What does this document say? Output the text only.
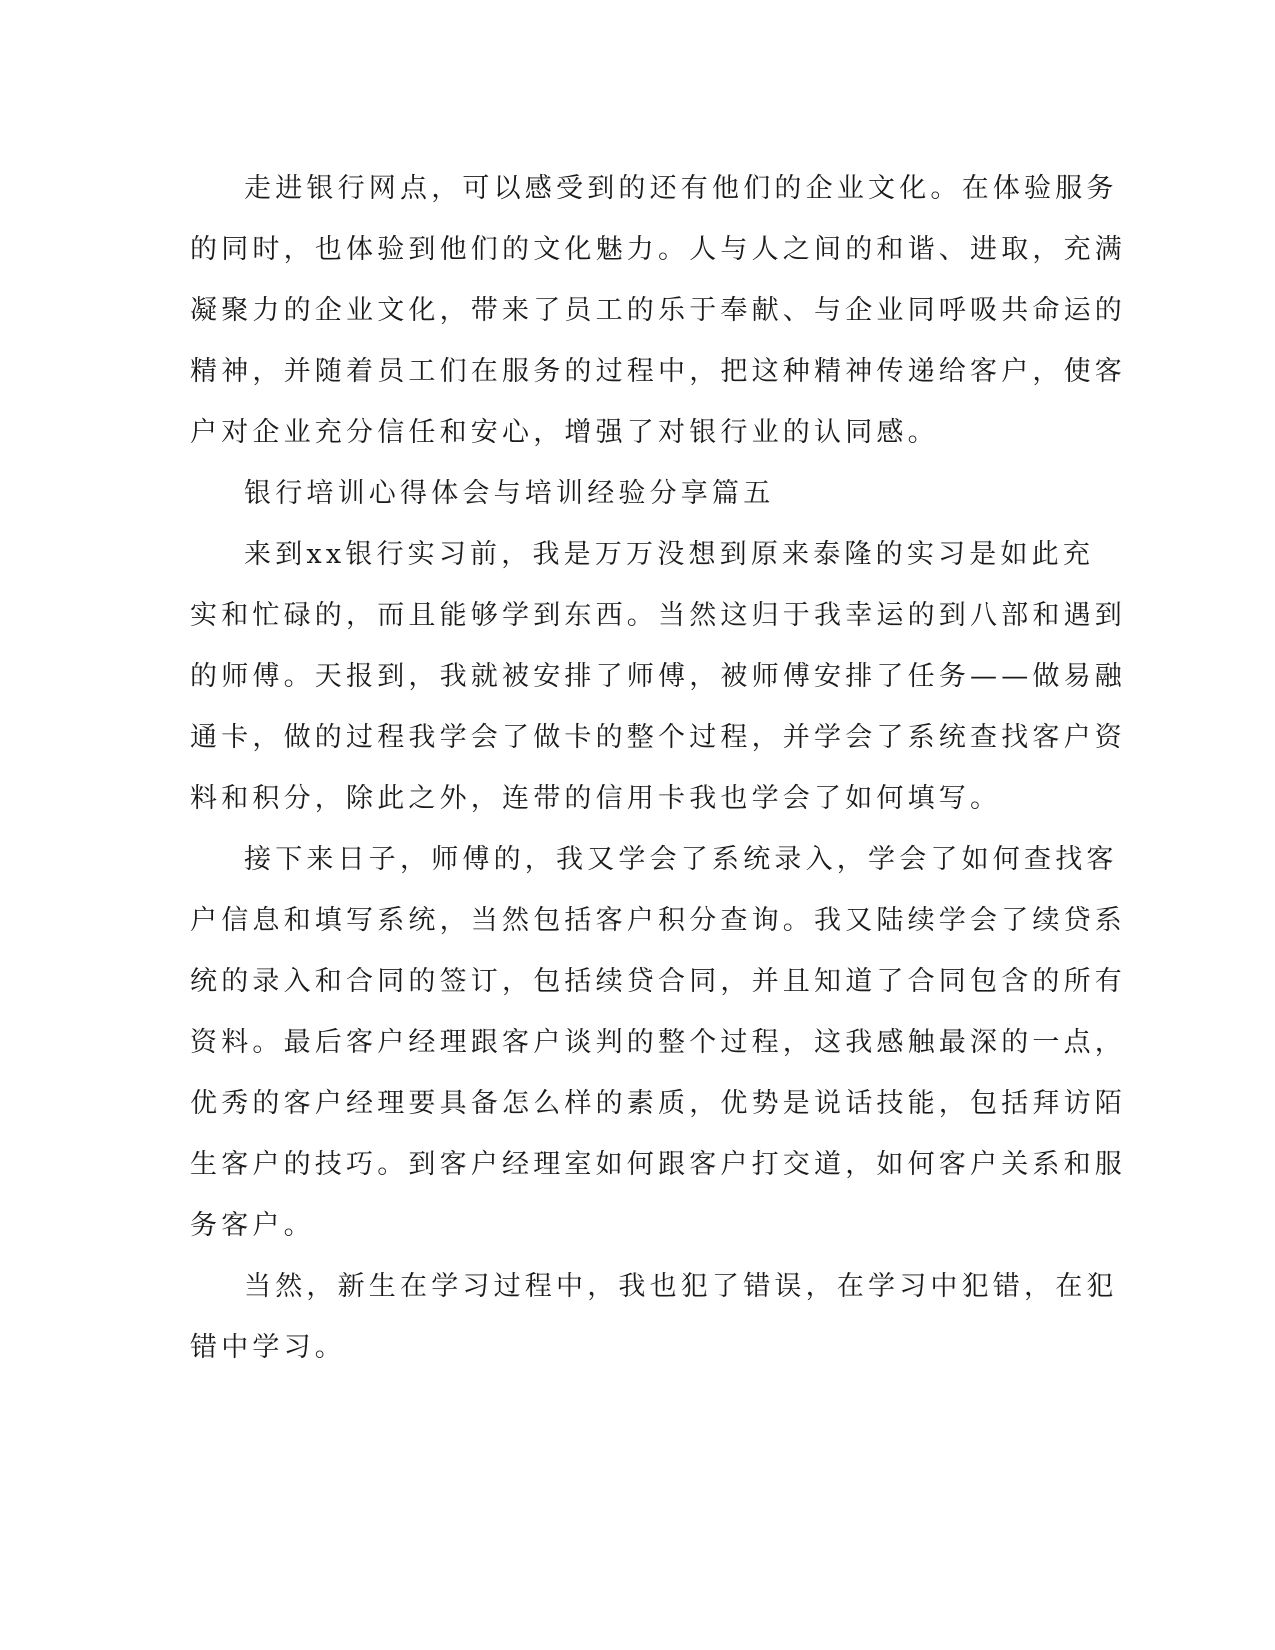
走进银行网点，可以感受到的还有他们的企业文化。在体验服务
的同时，也体验到他们的文化魅力。人与人之间的和谐、进取，充满
凝聚力的企业文化，带来了员工的乐于奉献、与企业同呼吸共命运的
精神，并随着员工们在服务的过程中，把这种精神传递给客户，使客
户对企业充分信任和安心，增强了对银行业的认同感。

银行培训心得体会与培训经验分享篇五

来到xx银行实习前，我是万万没想到原来泰隆的实习是如此充
实和忙碌的，而且能够学到东西。当然这归于我幸运的到八部和遇到
的师傅。天报到，我就被安排了师傅，被师傅安排了任务——做易融
通卡，做的过程我学会了做卡的整个过程，并学会了系统查找客户资
料和积分，除此之外，连带的信用卡我也学会了如何填写。

接下来日子，师傅的，我又学会了系统录入，学会了如何查找客
户信息和填写系统，当然包括客户积分查询。我又陆续学会了续贷系
统的录入和合同的签订，包括续贷合同，并且知道了合同包含的所有
资料。最后客户经理跟客户谈判的整个过程，这我感触最深的一点，
优秀的客户经理要具备怎么样的素质，优势是说话技能，包括拜访陌
生客户的技巧。到客户经理室如何跟客户打交道，如何客户关系和服
务客户。

当然，新生在学习过程中，我也犯了错误，在学习中犯错，在犯
错中学习。
